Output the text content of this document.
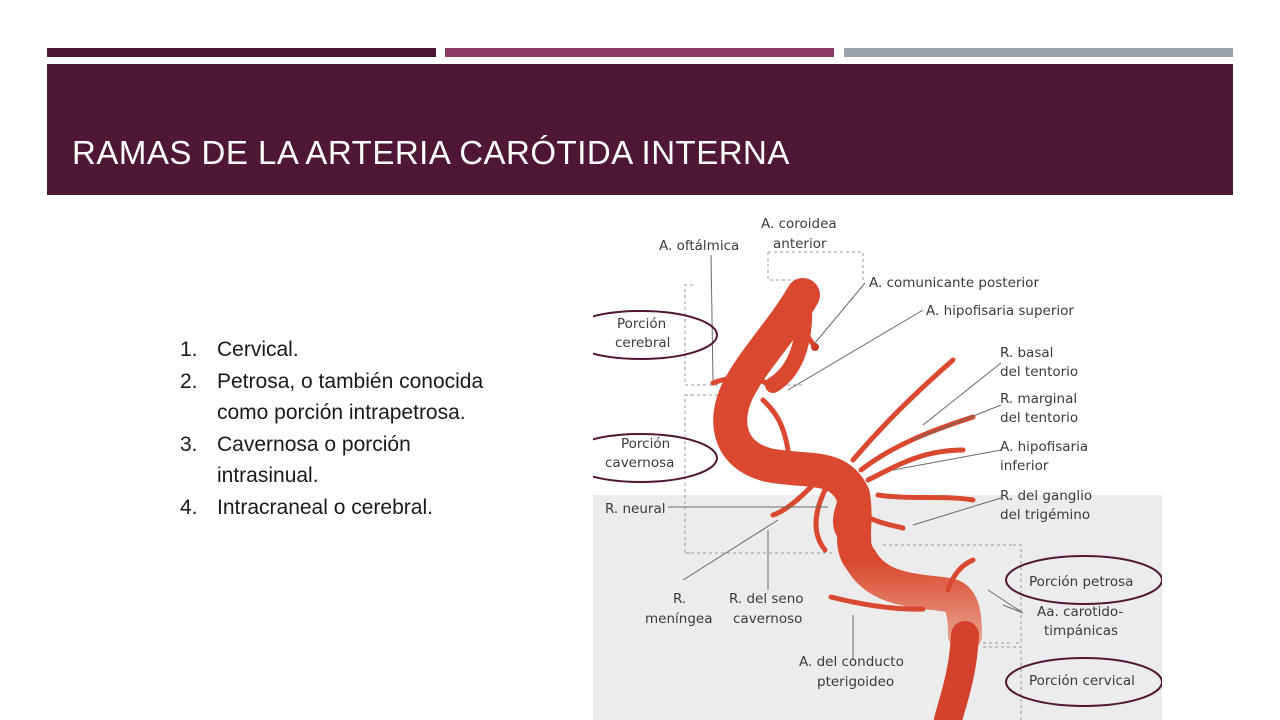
RAMAS DE LA ARTERIA CARÓTIDA INTERNA
1. Cervical.
2. Petrosa, o también conocida como porción intrapetrosa.
3. Cavernosa o porción intrasinual.
4. Intracraneal o cerebral.
A. coroidea
anterior
A. oftálmica
A. comunicante posterior
A. hipofisaria superior
R. basal
del tentorio
R. marginal
del tentorio
A. hipofisaria
inferior
R. del ganglio
del trigémino
R. neural
R.
meníngea
R. del seno
cavernoso
A. del conducto
pterigoideo
Aa. carotido-
timpánicas
Porción
cerebral
Porción
cavernosa
Porción petrosa
Porción cervical
